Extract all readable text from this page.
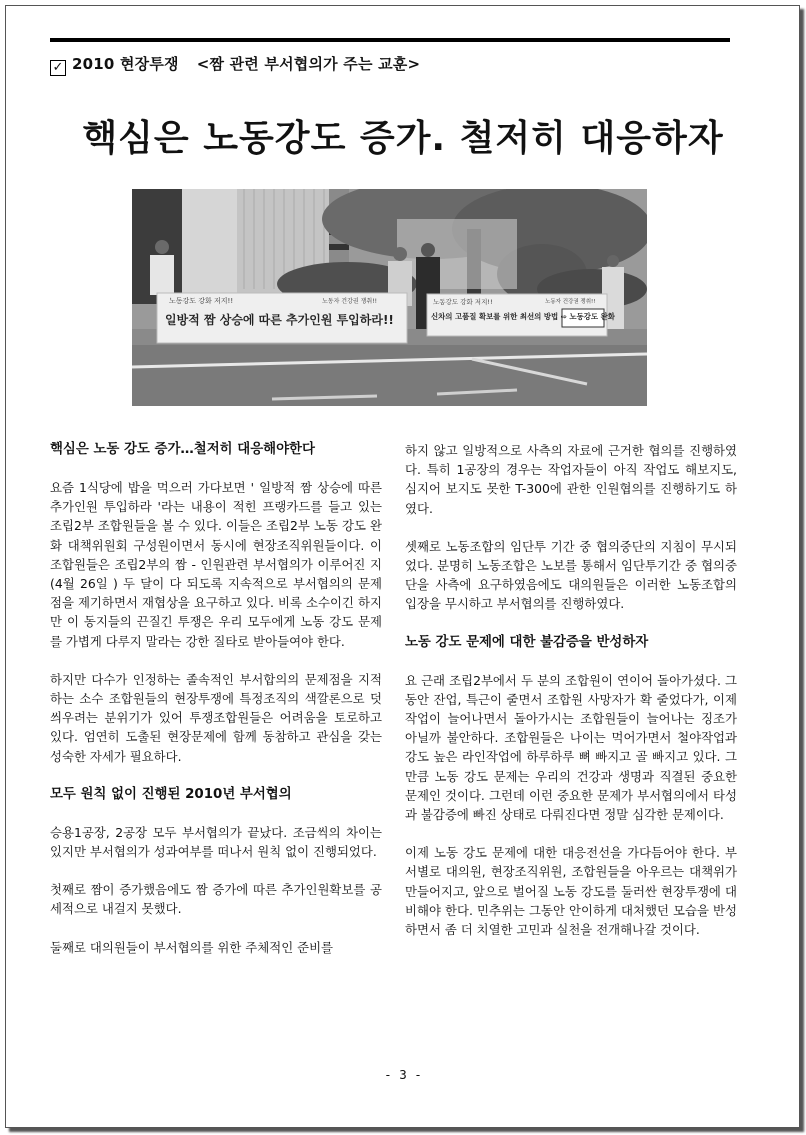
✓ 2010 현장투쟁 <짬 관련 부서협의가 주는 교훈>
핵심은 노동강도 증가. 철저히 대응하자
노동강도 강화 저지!!	노동자 건강권 쟁취!!
일방적 짬 상승에 따른 추가인원 투입하라!!
노동강도 강화 저지!!	노동자 건강권 쟁취!!
신차의 고품질 확보를 위한 최선의 방법 ⇨ 노동강도 완화
핵심은 노동 강도 증가…철저히 대응해야한다

요즘 1식당에 밥을 먹으러 가다보면 ' 일방적 짬 상승에 따른 추가인원 투입하라 '라는 내용이 적힌 프랭카드를 들고 있는 조립2부 조합원들을 볼 수 있다. 이들은 조립2부 노동 강도 완화 대책위원회 구성원이면서 동시에 현장조직위원들이다. 이 조합원들은 조립2부의 짬 - 인원관련 부서협의가 이루어진 지 (4월 26일 ) 두 달이 다 되도록 지속적으로 부서협의의 문제점을 제기하면서 재협상을 요구하고 있다. 비록 소수이긴 하지만 이 동지들의 끈질긴 투쟁은 우리 모두에게 노동 강도 문제를 가볍게 다루지 말라는 강한 질타로 받아들여야 한다.

하지만 다수가 인정하는 졸속적인 부서합의의 문제점을 지적하는 소수 조합원들의 현장투쟁에 특정조직의 색깔론으로 덧씌우려는 분위기가 있어 투쟁조합원들은 어려움을 토로하고 있다. 엄연히 도출된 현장문제에 함께 동참하고 관심을 갖는 성숙한 자세가 필요하다.

모두 원칙 없이 진행된 2010년 부서협의

승용1공장, 2공장 모두 부서협의가 끝났다. 조금씩의 차이는 있지만 부서협의가 성과여부를 떠나서 원칙 없이 진행되었다.

첫째로 짬이 증가했음에도 짬 증가에 따른 추가인원확보를 공세적으로 내걸지 못했다.

둘째로 대의원들이 부서협의를 위한 주체적인 준비를

하지 않고 일방적으로 사측의 자료에 근거한 협의를 진행하였다. 특히 1공장의 경우는 작업자들이 아직 작업도 해보지도, 심지어 보지도 못한 T-300에 관한 인원협의를 진행하기도 하였다.

셋째로 노동조합의 임단투 기간 중 협의중단의 지침이 무시되었다. 분명히 노동조합은 노보를 통해서 임단투기간 중 협의중단을 사측에 요구하였음에도 대의원들은 이러한 노동조합의 입장을 무시하고 부서협의를 진행하였다.

노동 강도 문제에 대한 불감증을 반성하자

요 근래 조립2부에서 두 분의 조합원이 연이어 돌아가셨다. 그동안 잔업, 특근이 줄면서 조합원 사망자가 확 줄었다가, 이제 작업이 늘어나면서 돌아가시는 조합원들이 늘어나는 징조가 아닐까 불안하다. 조합원들은 나이는 먹어가면서 철야작업과 강도 높은 라인작업에 하루하루 뼈 빠지고 골 빠지고 있다. 그만큼 노동 강도 문제는 우리의 건강과 생명과 직결된 중요한 문제인 것이다. 그런데 이런 중요한 문제가 부서협의에서 타성과 불감증에 빠진 상태로 다뤄진다면 정말 심각한 문제이다.

이제 노동 강도 문제에 대한 대응전선을 가다듬어야 한다. 부서별로 대의원, 현장조직위원, 조합원들을 아우르는 대책위가 만들어지고, 앞으로 벌어질 노동 강도를 둘러싼 현장투쟁에 대비해야 한다. 민추위는 그동안 안이하게 대처했던 모습을 반성하면서 좀 더 치열한 고민과 실천을 전개해나갈 것이다.

- 3 -
